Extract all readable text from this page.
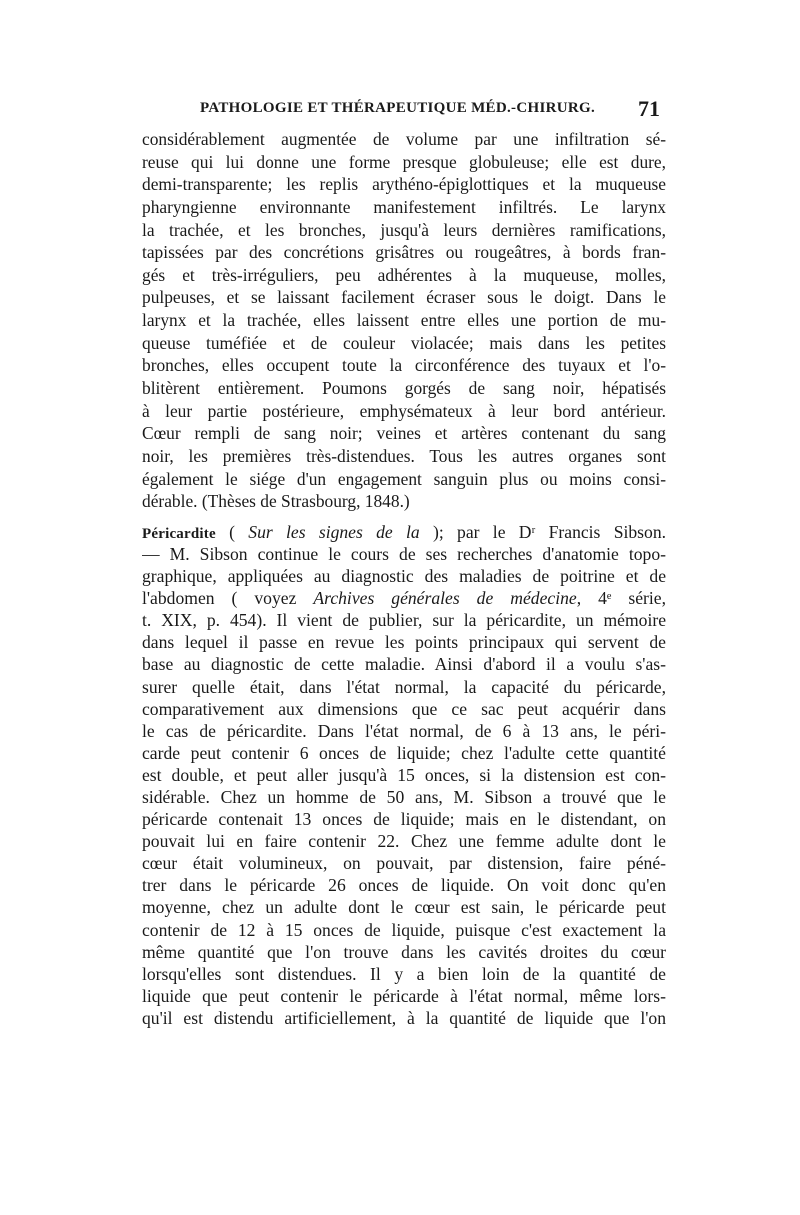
PATHOLOGIE ET THÉRAPEUTIQUE MÉD.-CHIRURG. 71
considérablement augmentée de volume par une infiltration sé-
reuse qui lui donne une forme presque globuleuse; elle est dure,
demi-transparente; les replis arythéno-épiglottiques et la muqueuse
pharyngienne environnante manifestement infiltrés. Le larynx
la trachée, et les bronches, jusqu'à leurs dernières ramifications,
tapissées par des concrétions grisâtres ou rougeâtres, à bords fran-
gés et très-irréguliers, peu adhérentes à la muqueuse, molles,
pulpeuses, et se laissant facilement écraser sous le doigt. Dans le
larynx et la trachée, elles laissent entre elles une portion de mu-
queuse tuméfiée et de couleur violacée; mais dans les petites
bronches, elles occupent toute la circonférence des tuyaux et l'o-
blitèrent entièrement. Poumons gorgés de sang noir, hépatisés
à leur partie postérieure, emphysémateux à leur bord antérieur.
Cœur rempli de sang noir; veines et artères contenant du sang
noir, les premières très-distendues. Tous les autres organes sont
également le siége d'un engagement sanguin plus ou moins consi-
dérable. (Thèses de Strasbourg, 1848.)
Péricardite ( Sur les signes de la ); par le Dʳ Francis Sibson.
— M. Sibson continue le cours de ses recherches d'anatomie topo-
graphique, appliquées au diagnostic des maladies de poitrine et de
l'abdomen ( voyez Archives générales de médecine, 4ᵉ série,
t. XIX, p. 454). Il vient de publier, sur la péricardite, un mémoire
dans lequel il passe en revue les points principaux qui servent de
base au diagnostic de cette maladie. Ainsi d'abord il a voulu s'as-
surer quelle était, dans l'état normal, la capacité du péricarde,
comparativement aux dimensions que ce sac peut acquérir dans
le cas de péricardite. Dans l'état normal, de 6 à 13 ans, le péri-
carde peut contenir 6 onces de liquide; chez l'adulte cette quantité
est double, et peut aller jusqu'à 15 onces, si la distension est con-
sidérable. Chez un homme de 50 ans, M. Sibson a trouvé que le
péricarde contenait 13 onces de liquide; mais en le distendant, on
pouvait lui en faire contenir 22. Chez une femme adulte dont le
cœur était volumineux, on pouvait, par distension, faire péné-
trer dans le péricarde 26 onces de liquide. On voit donc qu'en
moyenne, chez un adulte dont le cœur est sain, le péricarde peut
contenir de 12 à 15 onces de liquide, puisque c'est exactement la
même quantité que l'on trouve dans les cavités droites du cœur
lorsqu'elles sont distendues. Il y a bien loin de la quantité de
liquide que peut contenir le péricarde à l'état normal, même lors-
qu'il est distendu artificiellement, à la quantité de liquide que l'on
